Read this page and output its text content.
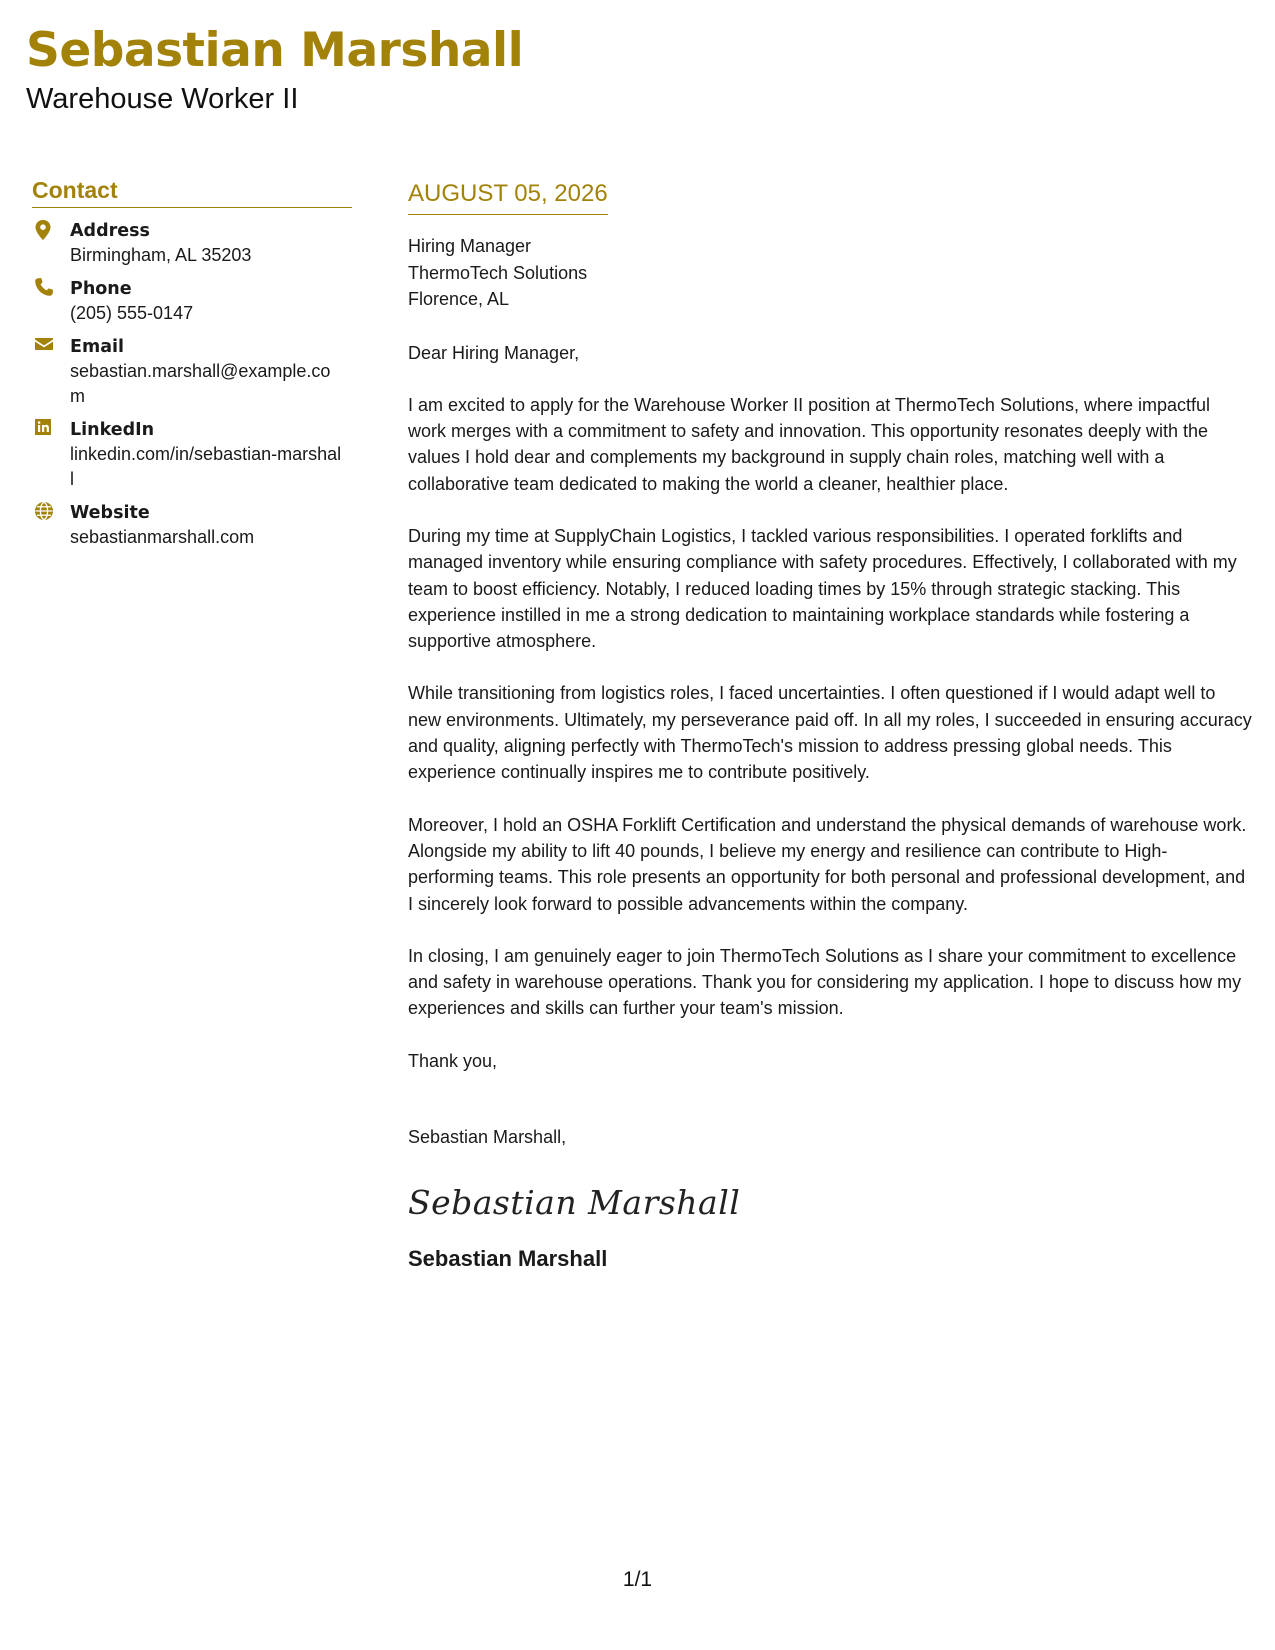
Sebastian Marshall
Warehouse Worker II
Contact
Address
Birmingham, AL 35203
Phone
(205) 555-0147
Email
sebastian.marshall@example.com
LinkedIn
linkedin.com/in/sebastian-marshall
Website
sebastianmarshall.com
AUGUST 05, 2026
Hiring Manager
ThermoTech Solutions
Florence, AL
Dear Hiring Manager,
I am excited to apply for the Warehouse Worker II position at ThermoTech Solutions, where impactful work merges with a commitment to safety and innovation. This opportunity resonates deeply with the values I hold dear and complements my background in supply chain roles, matching well with a collaborative team dedicated to making the world a cleaner, healthier place.
During my time at SupplyChain Logistics, I tackled various responsibilities. I operated forklifts and managed inventory while ensuring compliance with safety procedures. Effectively, I collaborated with my team to boost efficiency. Notably, I reduced loading times by 15% through strategic stacking. This experience instilled in me a strong dedication to maintaining workplace standards while fostering a supportive atmosphere.
While transitioning from logistics roles, I faced uncertainties. I often questioned if I would adapt well to new environments. Ultimately, my perseverance paid off. In all my roles, I succeeded in ensuring accuracy and quality, aligning perfectly with ThermoTech's mission to address pressing global needs. This experience continually inspires me to contribute positively.
Moreover, I hold an OSHA Forklift Certification and understand the physical demands of warehouse work. Alongside my ability to lift 40 pounds, I believe my energy and resilience can contribute to High-performing teams. This role presents an opportunity for both personal and professional development, and I sincerely look forward to possible advancements within the company.
In closing, I am genuinely eager to join ThermoTech Solutions as I share your commitment to excellence and safety in warehouse operations. Thank you for considering my application. I hope to discuss how my experiences and skills can further your team's mission.
Thank you,
Sebastian Marshall,
Sebastian Marshall
Sebastian Marshall
1/1
